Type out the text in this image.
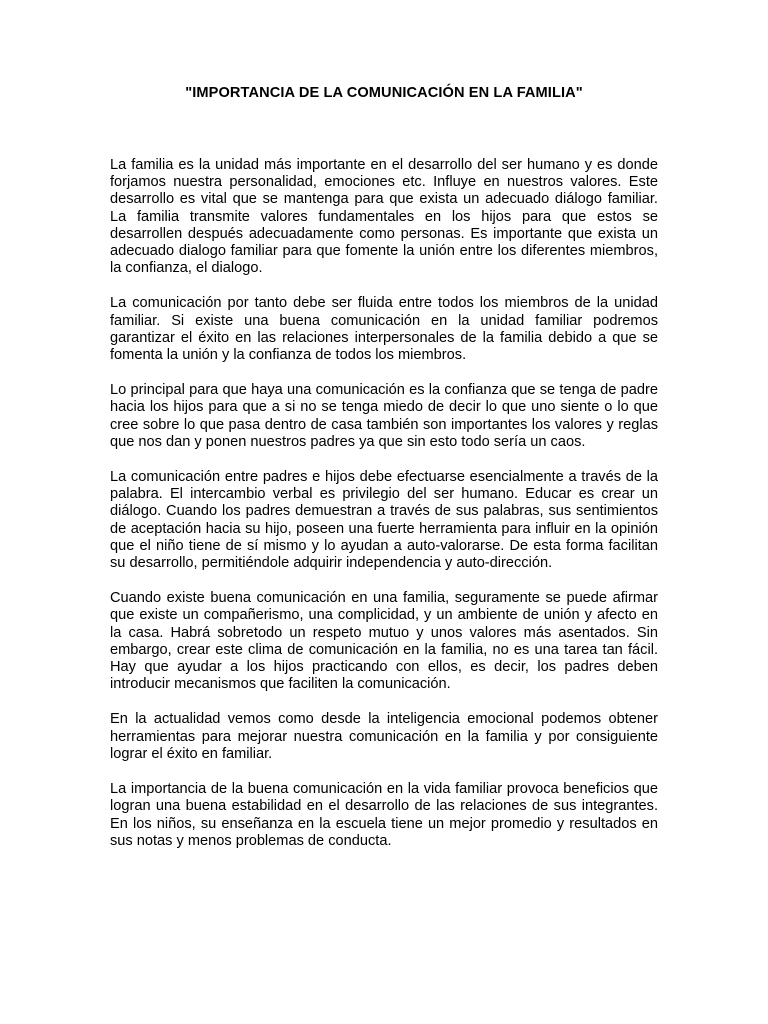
"IMPORTANCIA DE LA COMUNICACIÓN EN LA FAMILIA"

La familia es la unidad más importante en el desarrollo del ser humano y es donde forjamos nuestra personalidad, emociones etc. Influye en nuestros valores. Este desarrollo es vital que se mantenga para que exista un adecuado diálogo familiar. La familia transmite valores fundamentales en los hijos para que estos se desarrollen después adecuadamente como personas. Es importante que exista un adecuado dialogo familiar para que fomente la unión entre los diferentes miembros, la confianza, el dialogo.

La comunicación por tanto debe ser fluida entre todos los miembros de la unidad familiar. Si existe una buena comunicación en la unidad familiar podremos garantizar el éxito en las relaciones interpersonales de la familia debido a que se fomenta la unión y la confianza de todos los miembros.

Lo principal para que haya una comunicación es la confianza que se tenga de padre hacia los hijos para que a si no se tenga miedo de decir lo que uno siente o lo que cree sobre lo que pasa dentro de casa también son importantes los valores y reglas que nos dan y ponen nuestros padres ya que sin esto todo sería un caos.

La comunicación entre padres e hijos debe efectuarse esencialmente a través de la palabra. El intercambio verbal es privilegio del ser humano. Educar es crear un diálogo. Cuando los padres demuestran a través de sus palabras, sus sentimientos de aceptación hacia su hijo, poseen una fuerte herramienta para influir en la opinión que el niño tiene de sí mismo y lo ayudan a auto-valorarse. De esta forma facilitan su desarrollo, permitiéndole adquirir independencia y auto-dirección.

Cuando existe buena comunicación en una familia, seguramente se puede afirmar que existe un compañerismo, una complicidad, y un ambiente de unión y afecto en la casa. Habrá sobretodo un respeto mutuo y unos valores más asentados. Sin embargo, crear este clima de comunicación en la familia, no es una tarea tan fácil. Hay que ayudar a los hijos practicando con ellos, es decir, los padres deben introducir mecanismos que faciliten la comunicación.

En la actualidad vemos como desde la inteligencia emocional podemos obtener herramientas para mejorar nuestra comunicación en la familia y por consiguiente lograr el éxito en familiar.

La importancia de la buena comunicación en la vida familiar provoca beneficios que logran una buena estabilidad en el desarrollo de las relaciones de sus integrantes. En los niños, su enseñanza en la escuela tiene un mejor promedio y resultados en sus notas y menos problemas de conducta.
